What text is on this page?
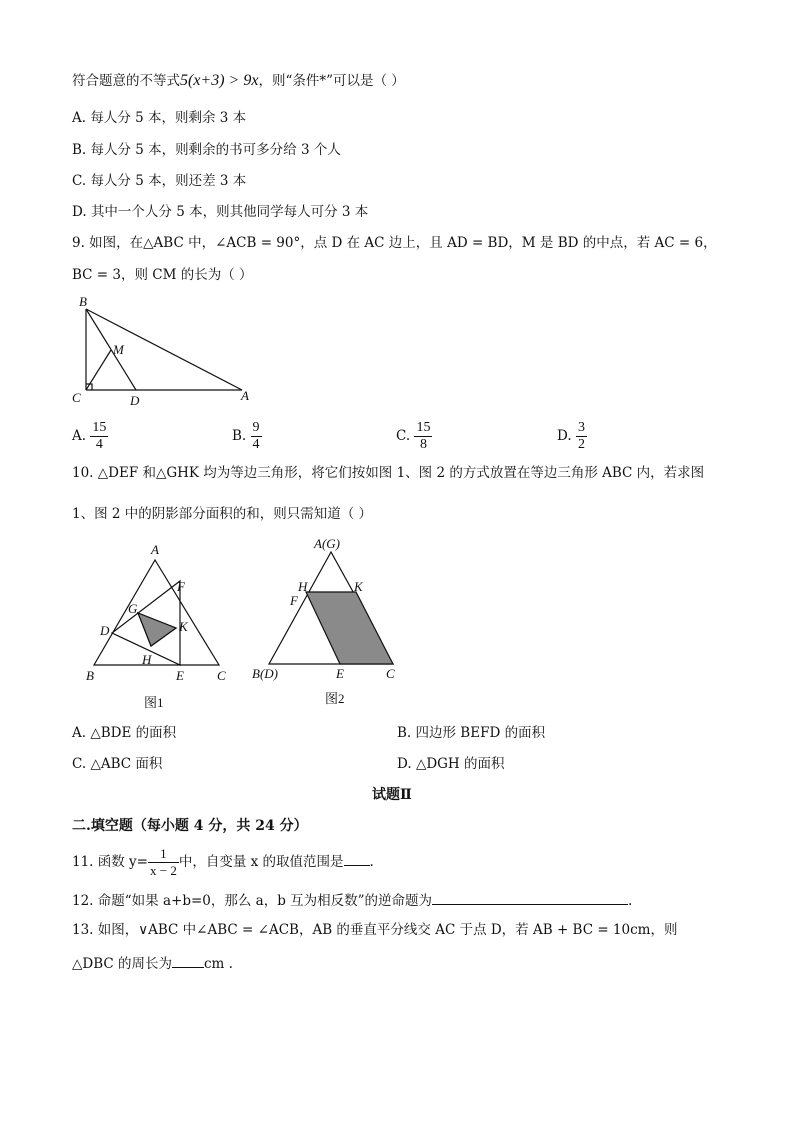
符合题意的不等式5(x+3) > 9x，则“条件*”可以是（ ）
A. 每人分 5 本，则剩余 3 本
B. 每人分 5 本，则剩余的书可多分给 3 个人
C. 每人分 5 本，则还差 3 本
D. 其中一个人分 5 本，则其他同学每人可分 3 本
9. 如图，在△ABC 中，∠ACB = 90°，点 D 在 AC 边上，且 AD = BD，M 是 BD 的中点，若 AC = 6，
BC = 3，则 CM 的长为（ ）
B
M
C	D	A
A. $\frac{15}{4}$	B. $\frac{9}{4}$	C. $\frac{15}{8}$	D. $\frac{3}{2}$
10. △DEF 和△GHK 均为等边三角形，将它们按如图 1、图 2 的方式放置在等边三角形 ABC 内，若求图
1、图 2 中的阴影部分面积的和，则只需知道（ ）
A
B	C
D
E
F
G
H
K
图1
A(G)
B(D)	C
E
F
H	K
图2
A. △BDE 的面积	B. 四边形 BEFD 的面积
C. △ABC 面积	D. △DGH 的面积
试题Ⅱ
二.填空题（每小题 4 分，共 24 分）
11. 函数 $y= \frac{1}{x - 2}$ 中，自变量 x 的取值范围是 .
12. 命题“如果 a+b=0，那么 a，b 互为相反数”的逆命题为	.
13. 如图，∨ABC 中∠ABC = ∠ACB，AB 的垂直平分线交 AC 于点 D，若 AB + BC = 10cm，则
△DBC 的周长为 cm .
